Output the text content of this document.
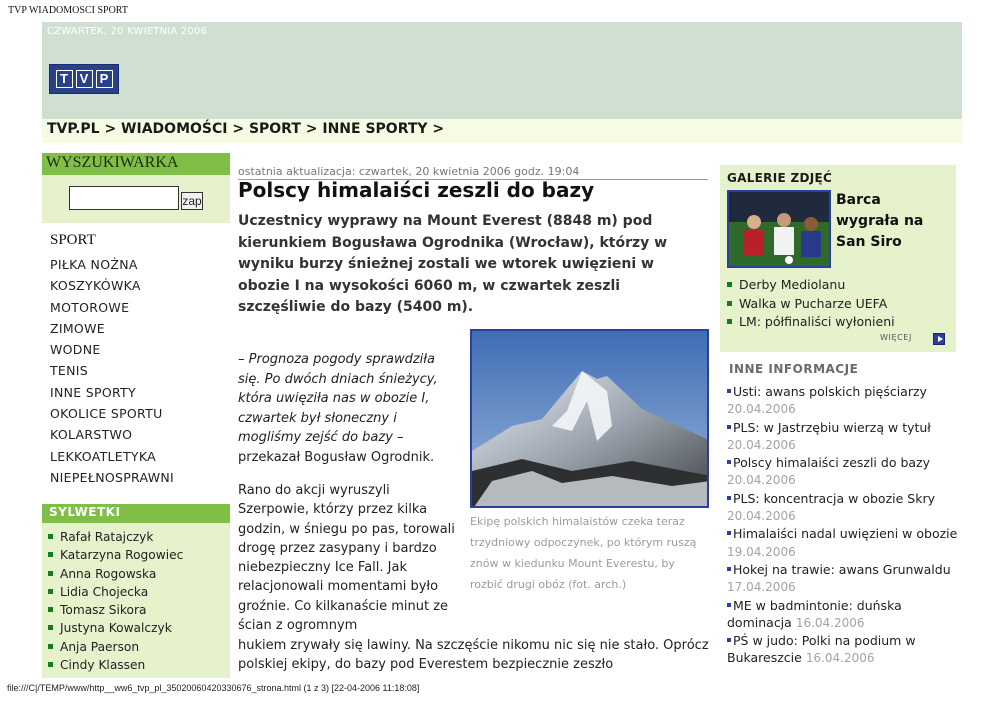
TVP WIADOMOSCI SPORT
CZWARTEK, 20 KWIETNIA 2006
T V P
TVP.PL > WIADOMOŚCI > SPORT > INNE SPORTY >
WYSZUKIWARKA
zap
SPORT
PIŁKA NOŻNA
KOSZYKÓWKA
MOTOROWE
ZIMOWE
WODNE
TENIS
INNE SPORTY
OKOLICE SPORTU
KOLARSTWO
LEKKOATLETYKA
NIEPEŁNOSPRAWNI
SYLWETKI
Rafał Ratajczyk
Katarzyna Rogowiec
Anna Rogowska
Lidia Chojecka
Tomasz Sikora
Justyna Kowalczyk
Anja Paerson
Cindy Klassen
ostatnia aktualizacja: czwartek, 20 kwietnia 2006 godz. 19:04
Polscy himalaiści zeszli do bazy

Uczestnicy wyprawy na Mount Everest (8848 m) pod kierunkiem Bogusława Ogrodnika (Wrocław), którzy w wyniku burzy śnieżnej zostali we wtorek uwięzieni w obozie I na wysokości 6060 m, w czwartek zeszli szczęśliwie do bazy (5400 m).

– Prognoza pogody sprawdziła się. Po dwóch dniach śnieżycy, która uwięziła nas w obozie I, czwartek był słoneczny i mogliśmy zejść do bazy – przekazał Bogusław Ogrodnik.

Rano do akcji wyruszyli Szerpowie, którzy przez kilka godzin, w śniegu po pas, torowali drogę przez zasypany i bardzo niebezpieczny Ice Fall. Jak relacjonowali momentami było groźnie. Co kilkanaście minut ze ścian z ogromnym

hukiem zrywały się lawiny. Na szczęście nikomu nic się nie stało. Oprócz polskiej ekipy, do bazy pod Everestem bezpiecznie zeszło

Ekipę polskich himalaistów czeka teraz trzydniowy odpoczynek, po którym ruszą znów w kiedunku Mount Everestu, by rozbić drugi obóz (fot. arch.)

GALERIE ZDJĘĆ

Barca wygrała na San Siro

Derby Mediolanu
Walka w Pucharze UEFA
LM: półfinaliści wyłonieni
WIĘCEJ
INNE INFORMACJE
Usti: awans polskich pięściarzy
20.04.2006
PLS: w Jastrzębiu wierzą w tytuł
20.04.2006
Polscy himalaiści zeszli do bazy
20.04.2006
PLS: koncentracja w obozie Skry
20.04.2006
Himalaiści nadal uwięzieni w obozie 19.04.2006
Hokej na trawie: awans Grunwaldu 17.04.2006
ME w badmintonie: duńska dominacja 16.04.2006
PŚ w judo: Polki na podium w Bukareszcie 16.04.2006
file:///C|/TEMP/www/http__ww6_tvp_pl_35020060420330676_strona.html (1 z 3) [22-04-2006 11:18:08]
